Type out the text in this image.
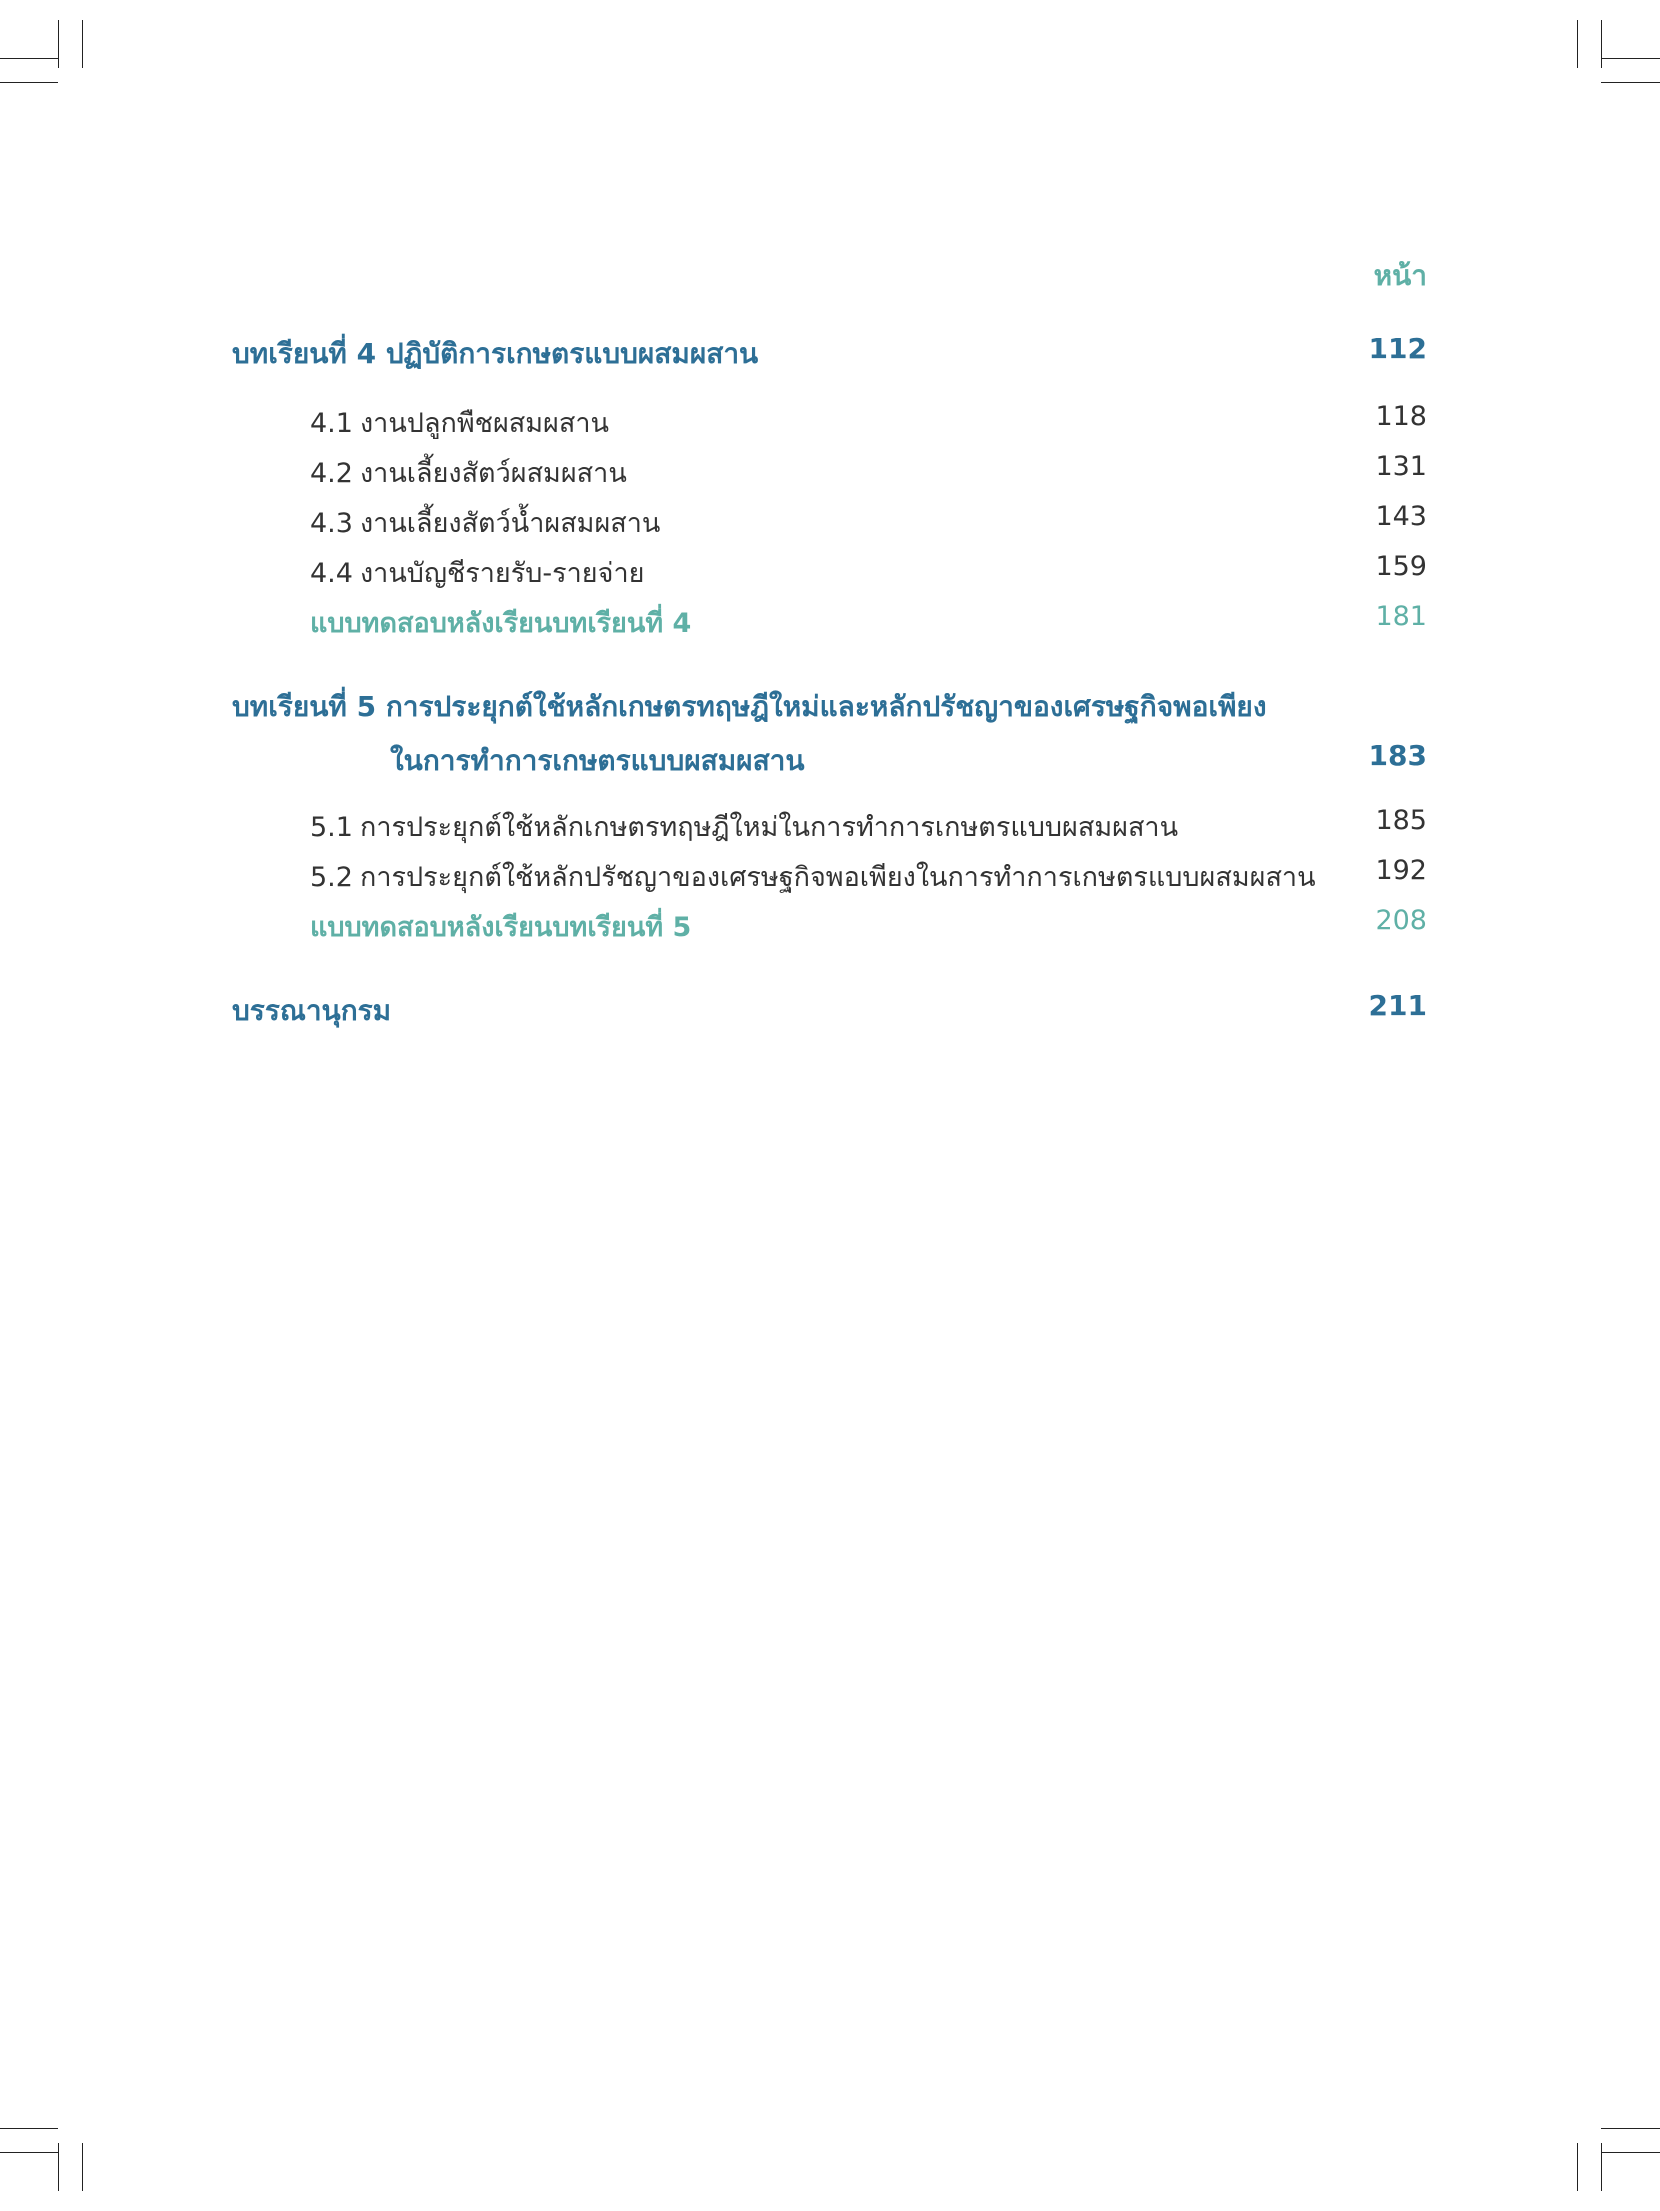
หน้า
บทเรียนที่ 4 ปฏิบัติการเกษตรแบบผสมผสาน	112
4.1 งานปลูกพืชผสมผสาน	118
4.2 งานเลี้ยงสัตว์ผสมผสาน	131
4.3 งานเลี้ยงสัตว์น้ำผสมผสาน	143
4.4 งานบัญชีรายรับ-รายจ่าย	159
แบบทดสอบหลังเรียนบทเรียนที่ 4	181
บทเรียนที่ 5 การประยุกต์ใช้หลักเกษตรทฤษฎีใหม่และหลักปรัชญาของเศรษฐกิจพอเพียง
ในการทำการเกษตรแบบผสมผสาน	183
5.1 การประยุกต์ใช้หลักเกษตรทฤษฎีใหม่ในการทำการเกษตรแบบผสมผสาน	185
5.2 การประยุกต์ใช้หลักปรัชญาของเศรษฐกิจพอเพียงในการทำการเกษตรแบบผสมผสาน 192
แบบทดสอบหลังเรียนบทเรียนที่ 5	208
บรรณานุกรม	211
